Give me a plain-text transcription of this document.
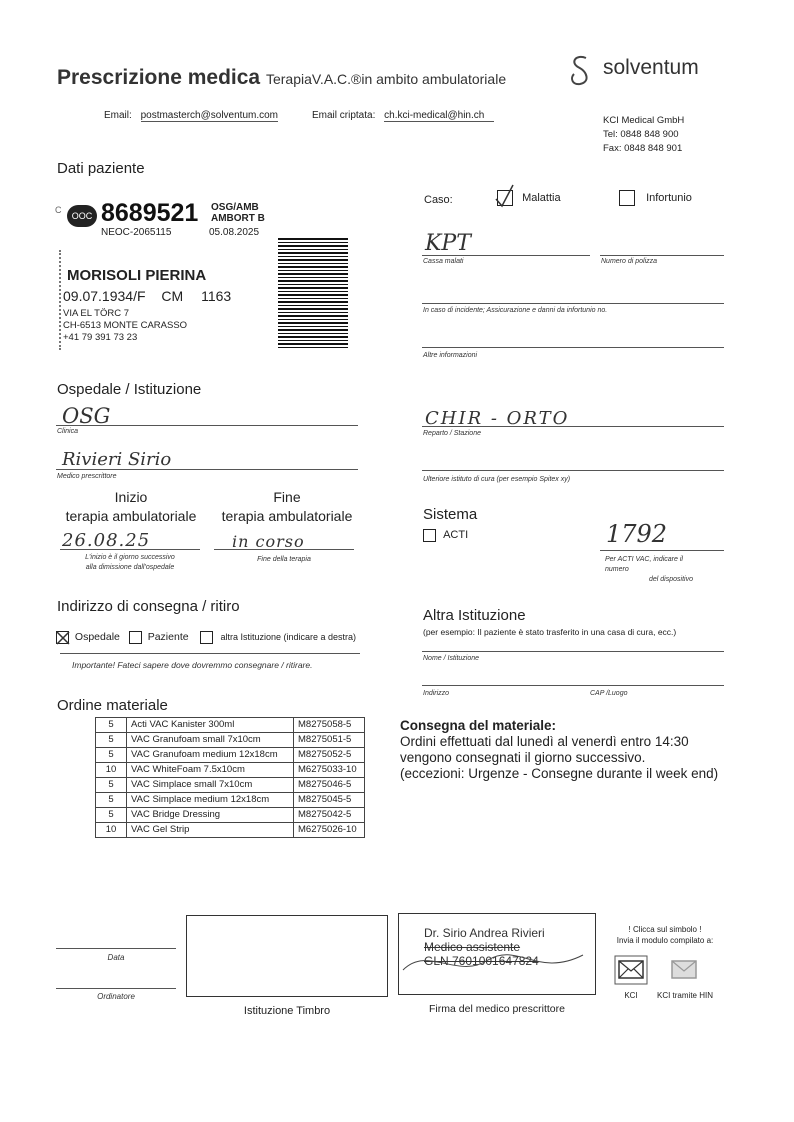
Prescrizione medica TerapiaV.A.C.®in ambito ambulatoriale	solventum
Email: postmasterch@solventum.com	Email criptata: ch.kci-medical@hin.ch	KCI Medical GmbH
Tel: 0848 848 900
Fax: 0848 848 901
Dati paziente
C
OOC 8689521 OSG/AMB
AMBORT B
NEOC-2065115	05.08.2025
MORISOLI PIERINA
09.07.1934/F CM 1163
VIA EL TÖRC 7
CH-6513 MONTE CARASSO
+41 79 391 73 23
Caso:	Malattia	Infortunio
KPT
Cassa malati	Numero di polizza
In caso di incidente; Assicurazione e danni da infortunio no.
Altre informazioni
Ospedale / Istituzione
OSG
Clinica
Rivieri Sirio
Medico prescrittore
CHIR - ORTO
Reparto / Stazione
Ulteriore istituto di cura (per esempio Spitex xy)
Inizio
terapia ambulatoriale
Fine
terapia ambulatoriale
26.08.25
L'inizio è il giorno successivo
alla dimissione dall'ospedale
in corso
Fine della terapia
Sistema
ACTI	1792
Per ACTI VAC, indicare il
numero
del dispositivo
Indirizzo di consegna / ritiro
Ospedale	Paziente	altra Istituzione (indicare a destra)
Importante! Fateci sapere dove dovremmo consegnare / ritirare.
Altra Istituzione
(per esempio: Il paziente è stato trasferito in una casa di cura, ecc.)
Nome / Istituzione
Indirizzo	CAP /Luogo
Ordine materiale
	5	Acti VAC Kanister 300ml	M8275058-5
	5	VAC Granufoam small 7x10cm	M8275051-5
	5	VAC Granufoam medium 12x18cm	M8275052-5
	10	VAC WhiteFoam 7.5x10cm	M6275033-10
	5	VAC Simplace small 7x10cm	M8275046-5
	5	VAC Simplace medium 12x18cm	M8275045-5
	5	VAC Bridge Dressing	M8275042-5
	10	VAC Gel Strip	M6275026-10
Consegna del materiale:
Ordini effettuati dal lunedì al venerdì entro 14:30
vengono consegnati il giorno successivo.
(eccezioni: Urgenze - Consegne durante il week end)
Data
Ordinatore
Istituzione Timbro
Dr. Sirio Andrea Rivieri
Medico assistente
GLN 7601001647824
Firma del medico prescrittore
! Clicca sul simbolo !
Invia il modulo compilato a:
KCI	KCI tramite HIN
